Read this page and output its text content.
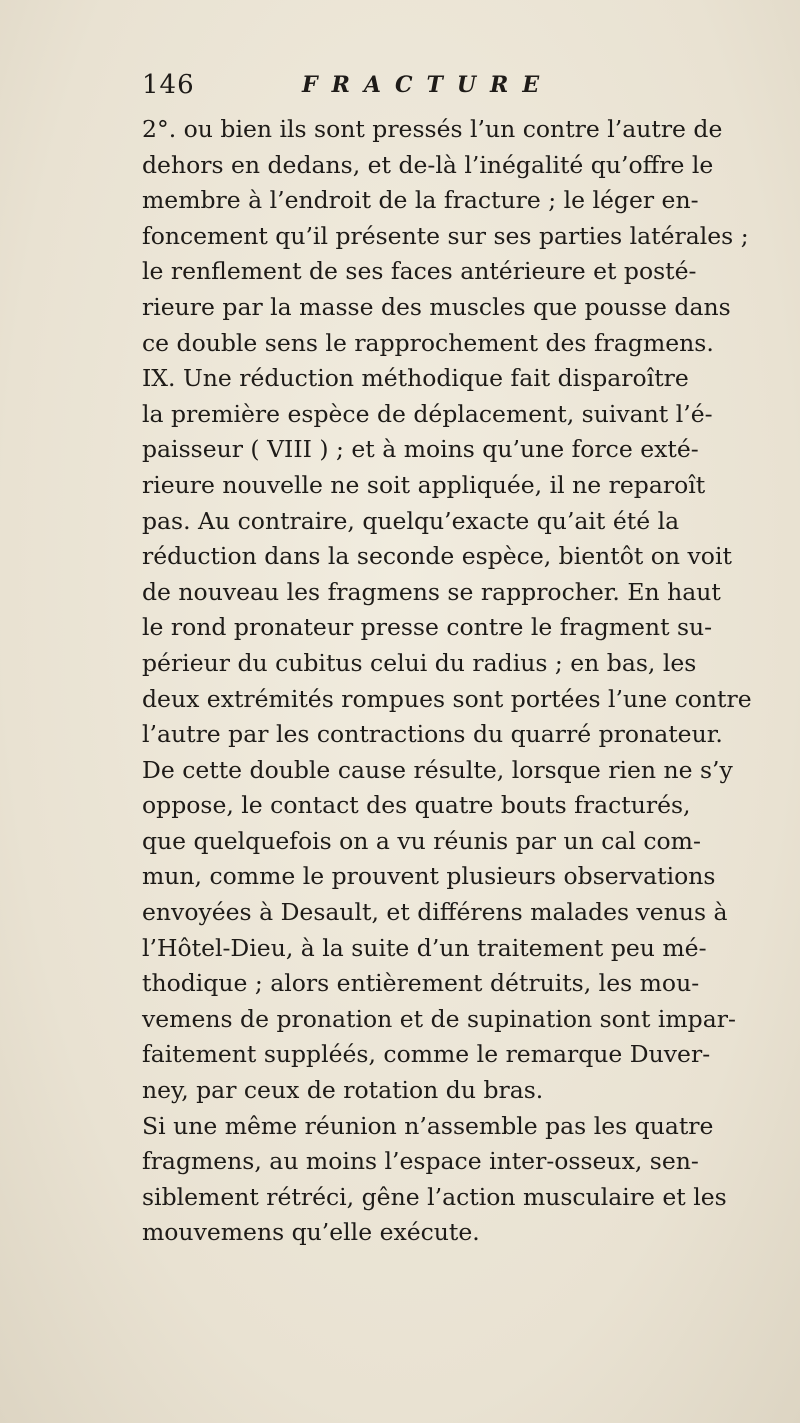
146	FRACTURE
2°. ou bien ils sont pressés l’un contre l’autre de
dehors en dedans, et de-là l’inégalité qu’offre le
membre à l’endroit de la fracture ; le léger en-
foncement qu’il présente sur ses parties latérales ;
le renflement de ses faces antérieure et posté-
rieure par la masse des muscles que pousse dans
ce double sens le rapprochement des fragmens.
IX. Une réduction méthodique fait disparoître
la première espèce de déplacement, suivant l’é-
paisseur ( VIII ) ; et à moins qu’une force exté-
rieure nouvelle ne soit appliquée, il ne reparoît
pas. Au contraire, quelqu’exacte qu’ait été la
réduction dans la seconde espèce, bientôt on voit
de nouveau les fragmens se rapprocher. En haut
le rond pronateur presse contre le fragment su-
périeur du cubitus celui du radius ; en bas, les
deux extrémités rompues sont portées l’une contre
l’autre par les contractions du quarré pronateur.
De cette double cause résulte, lorsque rien ne s’y
oppose, le contact des quatre bouts fracturés,
que quelquefois on a vu réunis par un cal com-
mun, comme le prouvent plusieurs observations
envoyées à Desault, et différens malades venus à
l’Hôtel-Dieu, à la suite d’un traitement peu mé-
thodique ; alors entièrement détruits, les mou-
vemens de pronation et de supination sont impar-
faitement suppléés, comme le remarque Duver-
ney, par ceux de rotation du bras.
Si une même réunion n’assemble pas les quatre
fragmens, au moins l’espace inter-osseux, sen-
siblement rétréci, gêne l’action musculaire et les
mouvemens qu’elle exécute.
